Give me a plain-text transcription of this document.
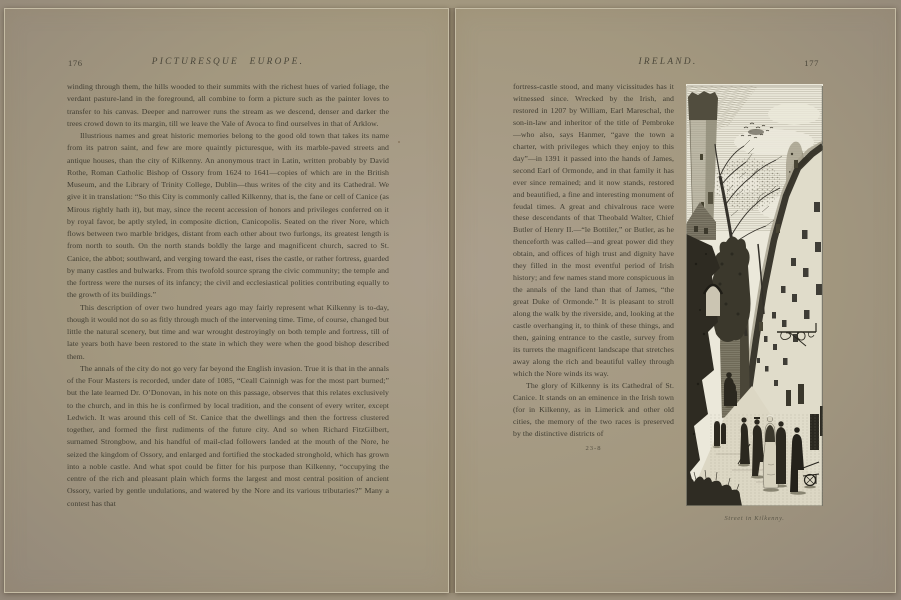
176	PICTURESQUE EUROPE.

winding through them, the hills wooded to their summits with the richest hues of varied foliage, the verdant pasture-land in the foreground, all combine to form a picture such as the painter loves to transfer to his canvas. Deeper and narrower runs the stream as we descend, denser and darker the trees crowd down to its margin, till we leave the Vale of Avoca to find ourselves in that of Arklow.

Illustrious names and great historic memories belong to the good old town that takes its name from its patron saint, and few are more quaintly picturesque, with its marble-paved streets and antique houses, than the city of Kilkenny. An anonymous tract in Latin, written probably by David Rothe, Roman Catholic Bishop of Ossory from 1624 to 1641—copies of which are in the British Museum, and the Library of Trinity College, Dublin—thus writes of the city and its Cathedral. We give it in translation: “So this City is commonly called Kilkenny, that is, the fane or cell of Canice (as Mirous rightly hath it), but may, since the recent accession of honors and privileges conferred on it by royal favor, be aptly styled, in composite diction, Canicopolis. Seated on the river Nore, which flows between two marble bridges, distant from each other about two furlongs, its greatest length is from north to south. On the north stands boldly the large and magnificent church, sacred to St. Canice, the abbot; southward, and verging toward the east, rises the castle, or rather fortress, guarded by many castles and bulwarks. From this twofold source sprang the civic community; the temple and the fortress were the nurses of its infancy; the civil and ecclesiastical polities contributing equally to the growth of its buildings.”

This description of over two hundred years ago may fairly represent what Kilkenny is to-day, though it would not do so as fitly through much of the intervening time. Time, of course, changed but little the natural scenery, but time and war wrought destroyingly on both temple and fortress, till of late years both have been restored to the state in which they were when the good bishop described them.

The annals of the city do not go very far beyond the English invasion. True it is that in the annals of the Four Masters is recorded, under date of 1085, “Ceall Cainnigh was for the most part burned;” but the late learned Dr. O’Donovan, in his note on this passage, observes that this relates exclusively to the church, and in this he is confirmed by local tradition, and the consent of every writer, except Ledwich. It was around this cell of St. Canice that the dwellings and then the fortress clustered together, and formed the first rudiments of the future city. And so when Richard FitzGilbert, surnamed Strongbow, and his handful of mail-clad followers landed at the mouth of the Nore, he seized the kingdom of Ossory, and enlarged and fortified the stockaded stronghold, which has grown into a noble castle. And what spot could be fitter for his purpose than Kilkenny, “occupying the centre of the rich and pleasant plain which forms the largest and most central position of ancient Ossory, varied by gentle undulations, and watered by the Nore and its various tributaries?” Many a contest has that

IRELAND.	177

fortress-castle stood, and many vicissitudes has it witnessed since. Wrecked by the Irish, and restored in 1207 by William, Earl Mareschal, the son-in-law and inheritor of the title of Pembroke—who also, says Hanmer, “gave the town a charter, with privileges which they enjoy to this day”—in 1391 it passed into the hands of James, second Earl of Ormonde, and in that family it has ever since remained; and it now stands, restored and beautified, a fine and interesting monument of feudal times. A great and chivalrous race were these descendants of that Theobald Walter, Chief Butler of Henry II.—“le Bottiler,” or Butler, as he thenceforth was called—and great power did they obtain, and offices of high trust and dignity have they filled in the most eventful period of Irish history; and few names stand more conspicuous in the annals of the land than that of James, “the great Duke of Ormonde.” It is pleasant to stroll along the walk by the riverside, and, looking at the castle overhanging it, to think of these things, and then, gaining entrance to the castle, survey from its turrets the magnificent landscape that stretches away along the rich and beautiful valley through which the Nore winds its way.

The glory of Kilkenny is its Cathedral of St. Canice. It stands on an eminence in the Irish town (for in Kilkenny, as in Limerick and other old cities, the memory of the two races is preserved by the distinctive districts of

23-8
Street in Kilkenny.
